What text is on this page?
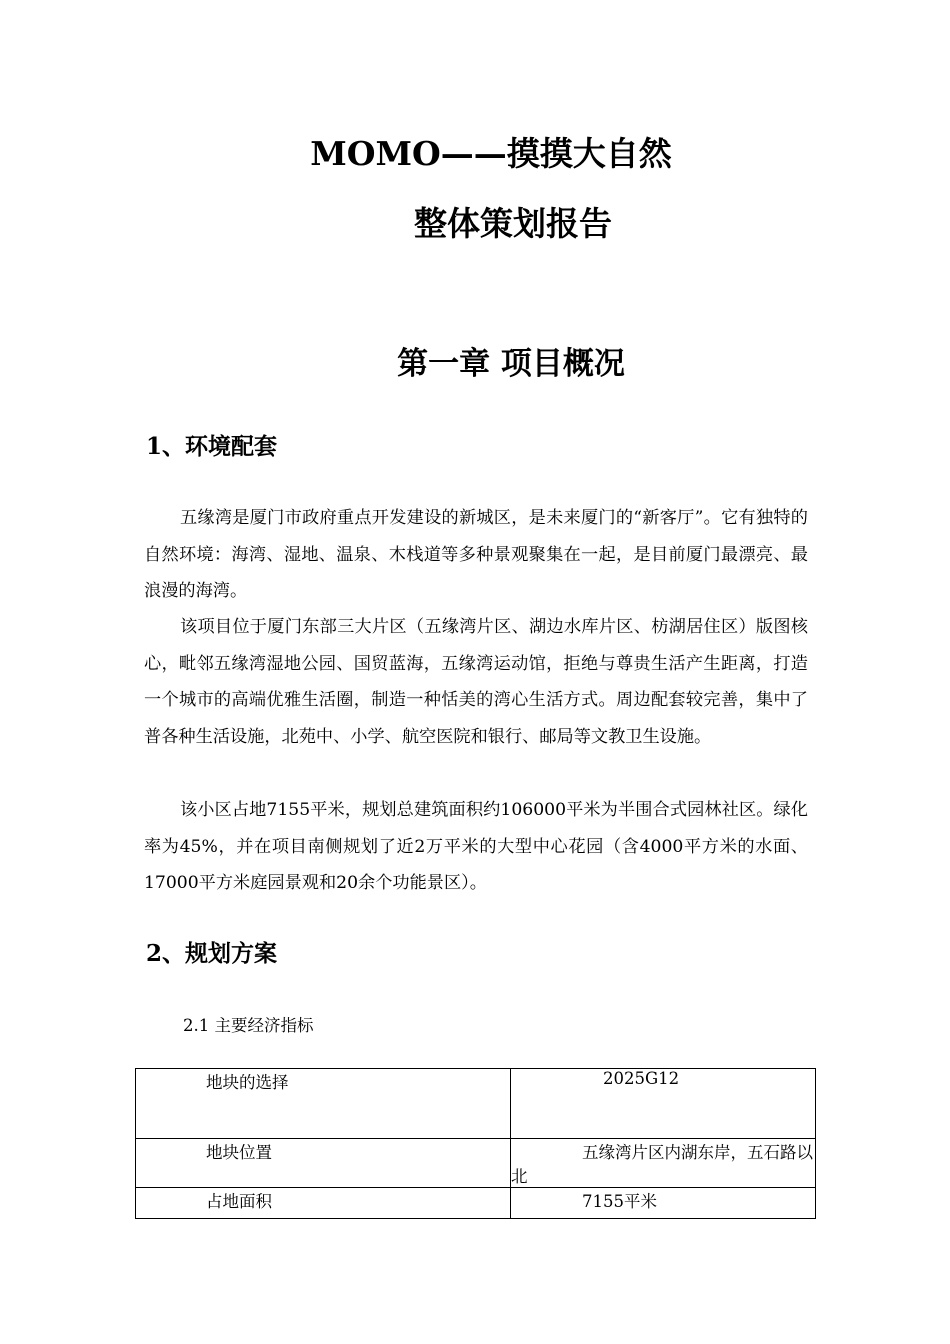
MOMO——摸摸大自然
整体策划报告
第一章 项目概况
1、环境配套
五缘湾是厦门市政府重点开发建设的新城区，是未来厦门的“新客厅”。它有独特的自然环境：海湾、湿地、温泉、木栈道等多种景观聚集在一起，是目前厦门最漂亮、最浪漫的海湾。
该项目位于厦门东部三大片区（五缘湾片区、湖边水库片区、枋湖居住区）版图核心，毗邻五缘湾湿地公园、国贸蓝海，五缘湾运动馆，拒绝与尊贵生活产生距离，打造一个城市的高端优雅生活圈，制造一种恬美的湾心生活方式。周边配套较完善，集中了普各种生活设施，北苑中、小学、航空医院和银行、邮局等文教卫生设施。
该小区占地7155平米，规划总建筑面积约106000平米为半围合式园林社区。绿化率为45%，并在项目南侧规划了近2万平米的大型中心花园（含4000平方米的水面、17000平方米庭园景观和20余个功能景区）。
2、规划方案
2.1 主要经济指标
地块的选择	2025G12
地块位置	五缘湾片区内湖东岸，五石路以北
占地面积	7155平米
